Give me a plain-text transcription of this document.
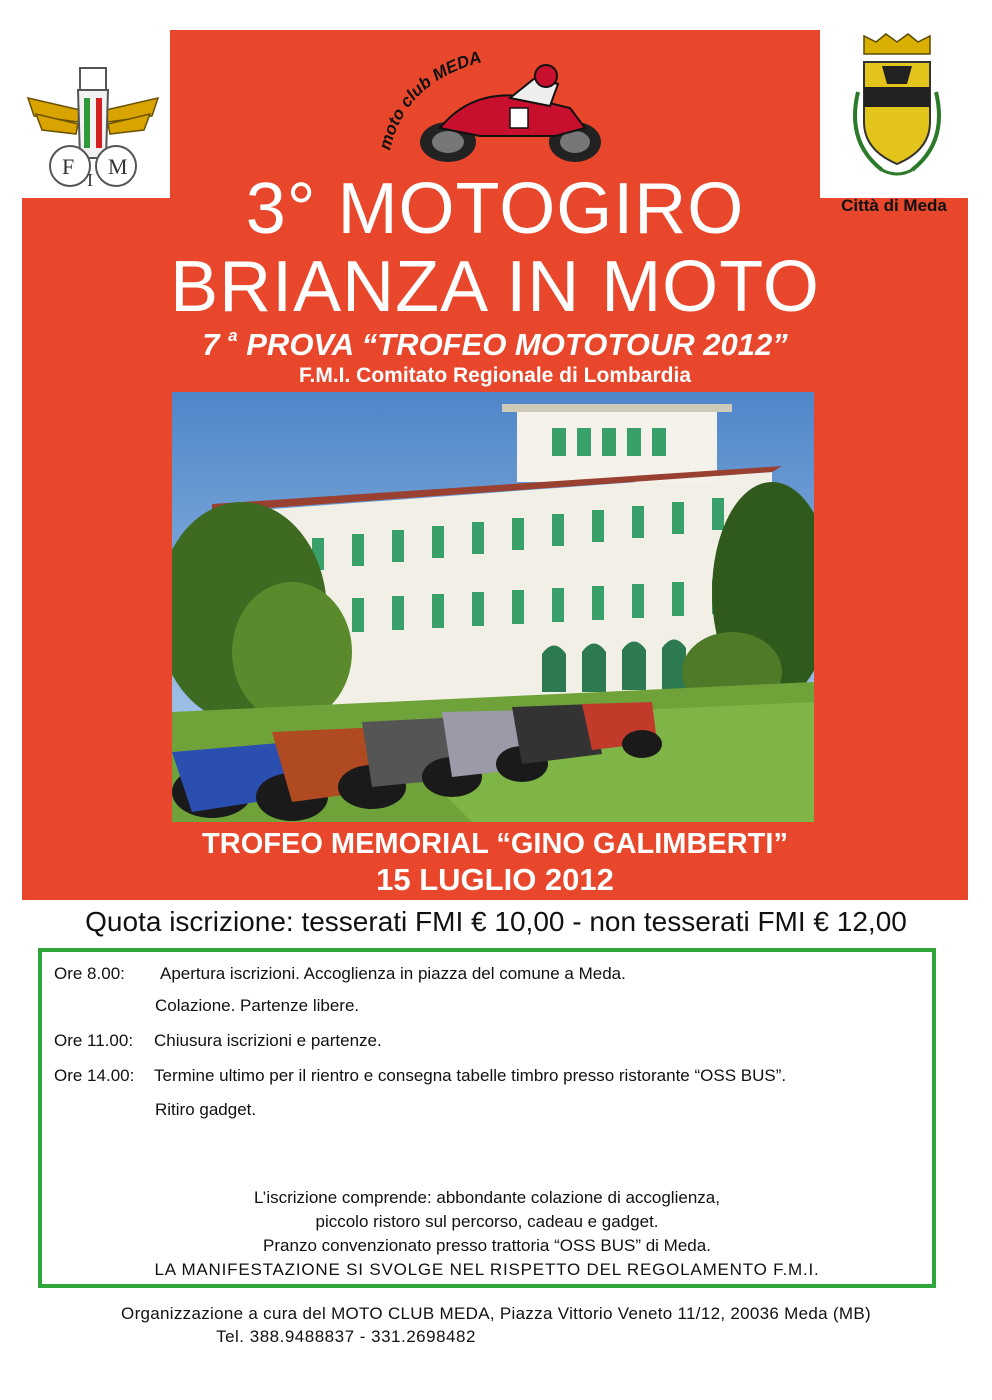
F M
I
moto club MEDA
Città di Meda
3° MOTOGIRO
BRIANZA IN MOTO
7 $^a$ PROVA “TROFEO MOTOTOUR 2012”
F.M.I. Comitato Regionale di Lombardia
TROFEO MEMORIAL “GINO GALIMBERTI”
15 LUGLIO 2012
Quota iscrizione: tesserati FMI € 10,00 - non tesserati FMI € 12,00
Ore 8.00: Apertura iscrizioni. Accoglienza in piazza del comune a Meda.
Colazione. Partenze libere.
Ore 11.00: Chiusura iscrizioni e partenze.
Ore 14.00: Termine ultimo per il rientro e consegna tabelle timbro presso ristorante “OSS BUS”.
Ritiro gadget.
L’iscrizione comprende: abbondante colazione di accoglienza,
piccolo ristoro sul percorso, cadeau e gadget.
Pranzo convenzionato presso trattoria “OSS BUS” di Meda.
LA MANIFESTAZIONE SI SVOLGE NEL RISPETTO DEL REGOLAMENTO F.M.I.
Organizzazione a cura del MOTO CLUB MEDA, Piazza Vittorio Veneto 11/12, 20036 Meda (MB)
Tel. 388.9488837 - 331.2698482
